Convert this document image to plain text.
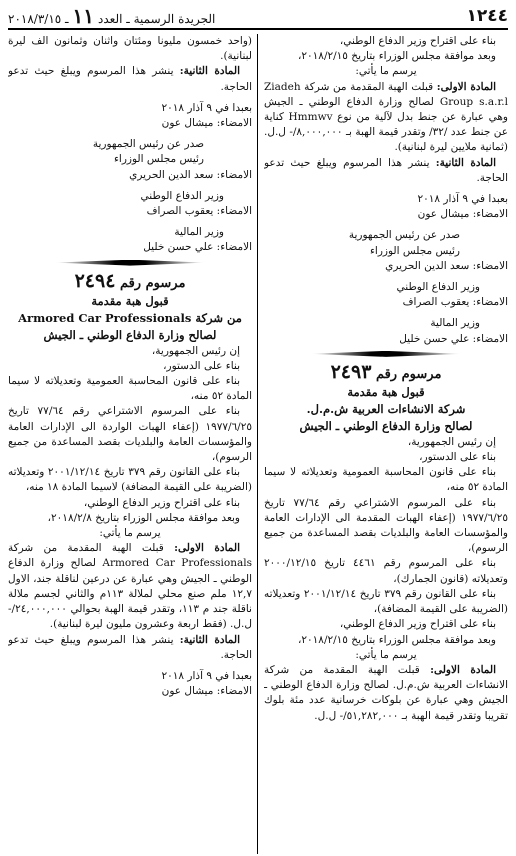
١٢٤٤
الجريدة الرسمية ـ العدد
١١
ـ ٢٠١٨/٣/١٥

بناء على اقتراح وزير الدفاع الوطني،

وبعد موافقة مجلس الوزراء بتاريخ ٢٠١٨/٢/١٥،

يرسم ما يأتي:

المادة الاولى: قبلت الهبة المقدمة من شركة Ziadeh Group s.a.r.l لصالح وزارة الدفاع الوطني ـ الجيش وهي عبارة عن جنط بدل لآلية من نوع Hmmwv كناية عن جنط عدد /٣٢/ وتقدر قيمة الهبة بـ ٨,٠٠٠,٠٠٠/- ل.ل. (ثمانية ملايين ليرة لبنانية).

المادة الثانية: ينشر هذا المرسوم ويبلغ حيث تدعو الحاجة.

بعبدا في ٩ آذار ٢٠١٨

الامضاء: ميشال عون

صدر عن رئيس الجمهورية

رئيس مجلس الوزراء

الامضاء: سعد الدين الحريري

وزير الدفاع الوطني

الامضاء: يعقوب الصراف

وزير المالية

الامضاء: علي حسن خليل

مرسوم رقم ٢٤٩٣
قبول هبة مقدمة
شركة الانشاءات العربية ش.م.ل.
لصالح وزارة الدفاع الوطني ـ الجيش

إن رئيس الجمهورية،

بناء على الدستور،

بناء على قانون المحاسبة العمومية وتعديلاته لا سيما المادة ٥٢ منه،

بناء على المرسوم الاشتراعي رقم ٧٧/٦٤ تاريخ ١٩٧٧/٦/٢٥ (إعفاء الهبات المقدمة الى الإدارات العامة والمؤسسات العامة والبلديات بقصد المساعدة من جميع الرسوم)،

بناء على المرسوم رقم ٤٤٦١ تاريخ ٢٠٠٠/١٢/١٥ وتعديلاته (قانون الجمارك)،

بناء على القانون رقم ٣٧٩ تاريخ ٢٠٠١/١٢/١٤ وتعديلاته (الضريبة على القيمة المضافة)،

بناء على اقتراح وزير الدفاع الوطني،

وبعد موافقة مجلس الوزراء بتاريخ ٢٠١٨/٢/١٥،

يرسم ما يأتي:

المادة الاولى: قبلت الهبة المقدمة من شركة الانشاءات العربية ش.م.ل. لصالح وزارة الدفاع الوطني ـ الجيش وهي عبارة عن بلوكات خرسانية عدد مئة بلوك تقريبا وتقدر قيمة الهبة بـ ٥١,٢٨٢,٠٠٠/- ل.ل.

(واحد خمسون مليونا ومئتان واثنان وثمانون الف ليرة لبنانية).

المادة الثانية: ينشر هذا المرسوم ويبلغ حيث تدعو الحاجة.

بعبدا في ٩ آذار ٢٠١٨

الامضاء: ميشال عون

صدر عن رئيس الجمهورية

رئيس مجلس الوزراء

الامضاء: سعد الدين الحريري

وزير الدفاع الوطني

الامضاء: يعقوب الصراف

وزير المالية

الامضاء: علي حسن خليل

مرسوم رقم ٢٤٩٤
قبول هبة مقدمة
من شركة Armored Car Professionals
لصالح وزارة الدفاع الوطني ـ الجيش

إن رئيس الجمهورية،

بناء على الدستور،

بناء على قانون المحاسبة العمومية وتعديلاته لا سيما المادة ٥٢ منه،

بناء على المرسوم الاشتراعي رقم ٧٧/٦٤ تاريخ ١٩٧٧/٦/٢٥ (إعفاء الهبات الواردة الى الإدارات العامة والمؤسسات العامة والبلديات بقصد المساعدة من جميع الرسوم)،

بناء على القانون رقم ٣٧٩ تاريخ ٢٠٠١/١٢/١٤ وتعديلاته (الضريبة على القيمة المضافة) لاسيما المادة ١٨ منه،

بناء على اقتراح وزير الدفاع الوطني،

وبعد موافقة مجلس الوزراء بتاريخ ٢٠١٨/٢/٨،

يرسم ما يأتي:

المادة الاولى: قبلت الهبة المقدمة من شركة Armored Car Professionals لصالح وزارة الدفاع الوطني ـ الجيش وهي عبارة عن درعين لناقلة جند، الاول ١٢,٧ ملم صنع محلي لملالة ١١٣م والثاني لجسم ملالة ناقلة جند م ١١٣، وتقدر قيمة الهبة بحوالي ٢٤,٠٠٠,٠٠٠/- ل.ل. (فقط اربعة وعشرون مليون ليرة لبنانية).

المادة الثانية: ينشر هذا المرسوم ويبلغ حيث تدعو الحاجة.

بعبدا في ٩ آذار ٢٠١٨

الامضاء: ميشال عون
